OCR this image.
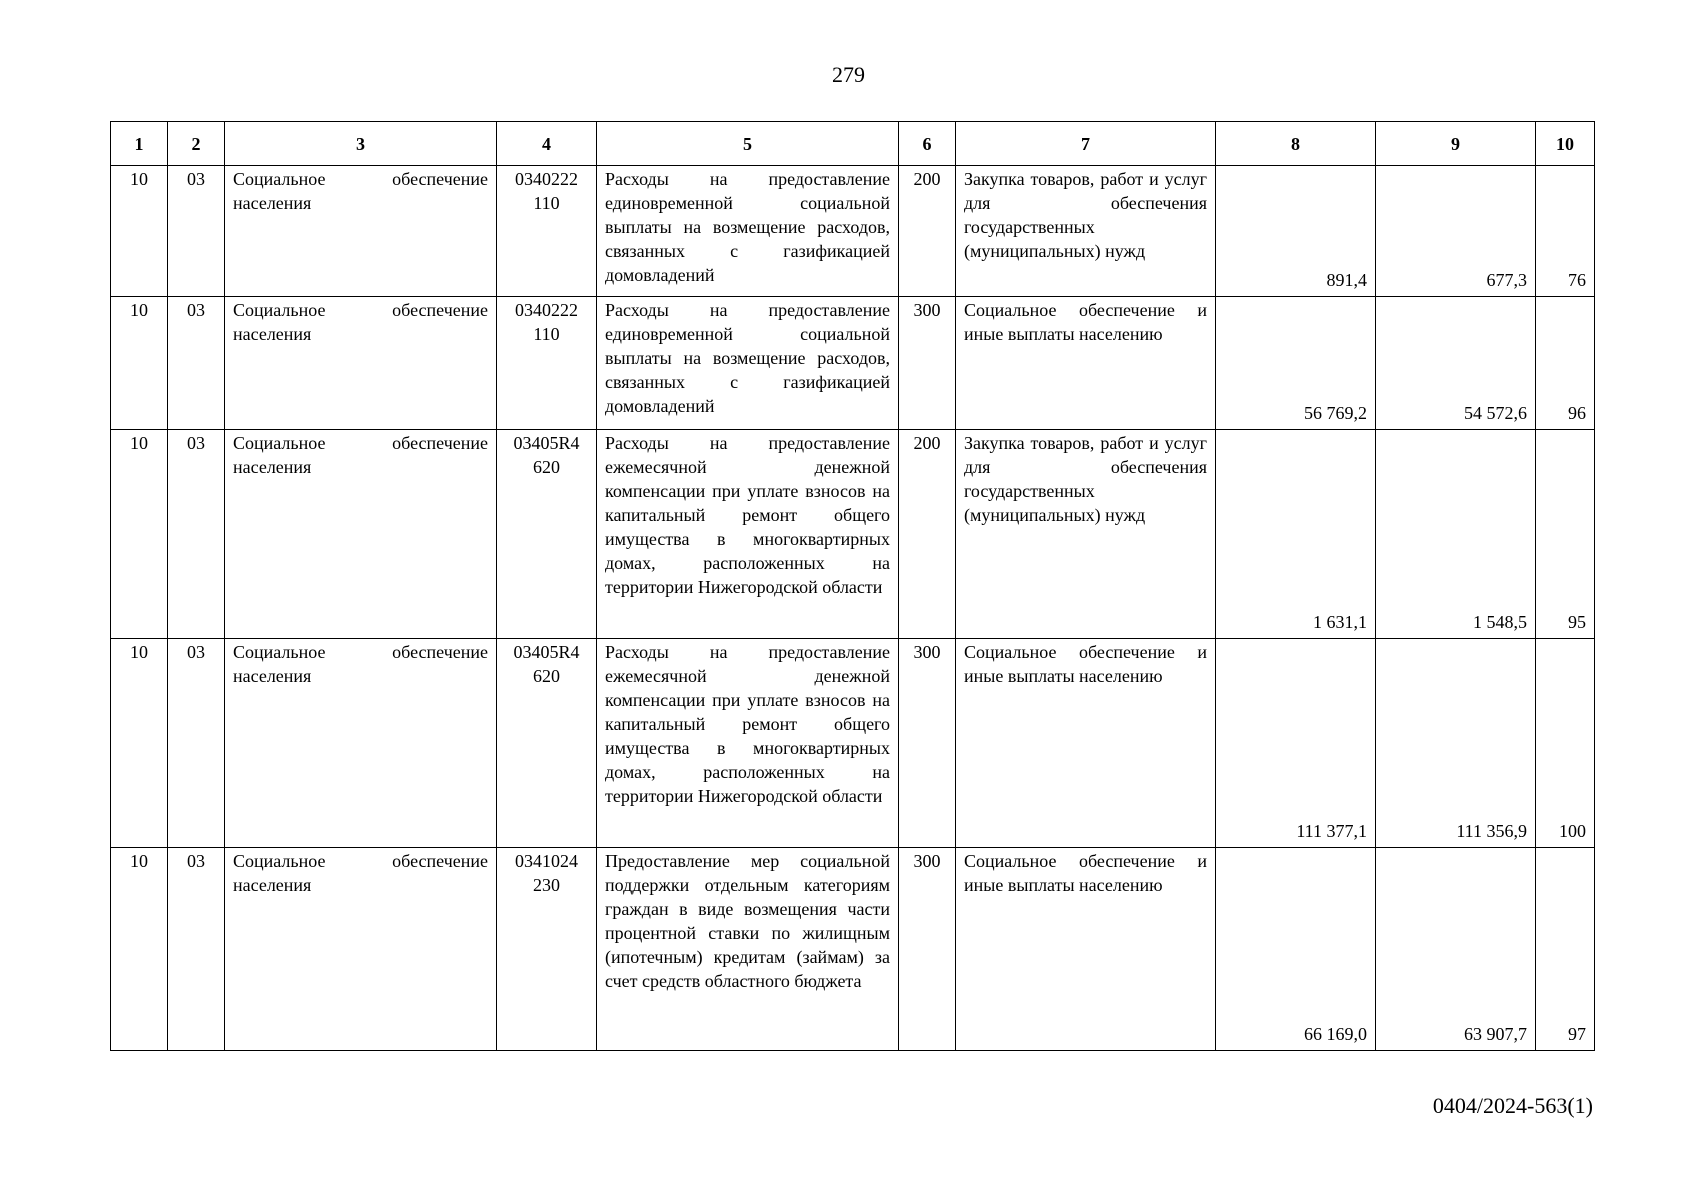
279
1	2	3	4	5	6	7	8	9	10
10	03	Социальное обеспечение населения	0340222 110	Расходы на предоставление единовременной социальной выплаты на возмещение расходов, связанных с газификацией домовладений	200	Закупка товаров, работ и услуг для обеспечения государственных (муниципальных) нужд	891,4	677,3	76
10	03	Социальное обеспечение населения	0340222 110	Расходы на предоставление единовременной социальной выплаты на возмещение расходов, связанных с газификацией домовладений	300	Социальное обеспечение и иные выплаты населению	56 769,2	54 572,6	96
10	03	Социальное обеспечение населения	03405R4 620	Расходы на предоставление ежемесячной денежной компенсации при уплате взносов на капитальный ремонт общего имущества в многоквартирных домах, расположенных на территории Нижегородской области	200	Закупка товаров, работ и услуг для обеспечения государственных (муниципальных) нужд	1 631,1	1 548,5	95
10	03	Социальное обеспечение населения	03405R4 620	Расходы на предоставление ежемесячной денежной компенсации при уплате взносов на капитальный ремонт общего имущества в многоквартирных домах, расположенных на территории Нижегородской области	300	Социальное обеспечение и иные выплаты населению	111 377,1	111 356,9	100
10	03	Социальное обеспечение населения	0341024 230	Предоставление мер социальной поддержки отдельным категориям граждан в виде возмещения части процентной ставки по жилищным (ипотечным) кредитам (займам) за счет средств областного бюджета	300	Социальное обеспечение и иные выплаты населению	66 169,0	63 907,7	97
0404/2024-563(1)
